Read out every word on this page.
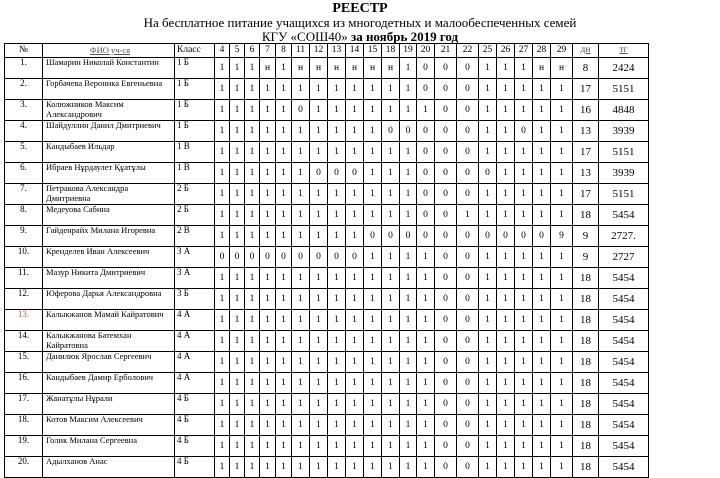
РЕЕСТР
На бесплатное питание учащихся из многодетных и малообеспеченных семей
КГУ «СОШ40» за ноябрь 2019 год
№	ФИО уч-ся	Класс	4	5	6	7	8	11	12	13	14	15	18	19	20	21	22	25	26	27	28	29	дн	тг
1.	Шамарин Николай Константин	1 Б	1	1	1	н	1	н	н	н	н	н	н	1	0	0	0	1	1	1	н	н	8	2424
2.	Горбачева Вероника Евгеньевна	1 Б	1	1	1	1	1	1	1	1	1	1	1	1	0	0	0	1	1	1	1	1	17	5151
3.	Колюжников Максим Александрович	1 Б	1	1	1	1	1	0	1	1	1	1	1	1	1	0	0	1	1	1	1	1	16	4848
4.	Шайдуллин Данил Дмитриевич	1 Б	1	1	1	1	1	1	1	1	1	1	0	0	0	0	0	1	1	0	1	1	13	3939
5.	Кандыбаев Ильдар	1 В	1	1	1	1	1	1	1	1	1	1	1	1	0	0	0	1	1	1	1	1	17	5151
6.	Ибраев Нұрдаулет Құатұлы	1 В	1	1	1	1	1	1	0	0	0	1	1	1	0	0	0	0	1	1	1	1	13	3939
7.	Петракова Александра Дмитриевна	2 Б	1	1	1	1	1	1	1	1	1	1	1	1	0	0	0	1	1	1	1	1	17	5151
8.	Медеуова Сабина	2 Б	1	1	1	1	1	1	1	1	1	1	1	1	0	0	1	1	1	1	1	1	18	5454
9.	Гайденрайх Милана Игоревна	2 В	1	1	1	1	1	1	1	1	1	0	0	0	0	0	0	0	0	0	0	9	9	2727.
10.	Кренделев Иван Алексеевич	3 А	0	0	0	0	0	0	0	0	0	1	1	1	1	0	0	1	1	1	1	1	9	2727
11.	Мазур Никита Дмитриевич	3 А	1	1	1	1	1	1	1	1	1	1	1	1	1	0	0	1	1	1	1	1	18	5454
12.	Юферова Дарья Александровна	3 Б	1	1	1	1	1	1	1	1	1	1	1	1	1	0	0	1	1	1	1	1	18	5454
13.	Калыкжанов Мамай Кайратович	4 А	1	1	1	1	1	1	1	1	1	1	1	1	1	0	0	1	1	1	1	1	18	5454
14.	Калыкжанова Батемхан Кайратовна	4 А	1	1	1	1	1	1	1	1	1	1	1	1	1	0	0	1	1	1	1	1	18	5454
15.	Данилюк Ярослав Сергеевич	4 А	1	1	1	1	1	1	1	1	1	1	1	1	1	0	0	1	1	1	1	1	18	5454
16.	Кандыбаев Дамир Ерболович	4 А	1	1	1	1	1	1	1	1	1	1	1	1	1	0	0	1	1	1	1	1	18	5454
17.	Жанатұлы Нұрали	4 Б	1	1	1	1	1	1	1	1	1	1	1	1	1	0	0	1	1	1	1	1	18	5454
18.	Котов Максим Алексеевич	4 Б	1	1	1	1	1	1	1	1	1	1	1	1	1	0	0	1	1	1	1	1	18	5454
19.	Голик Милана Сергеевна	4 Б	1	1	1	1	1	1	1	1	1	1	1	1	1	0	0	1	1	1	1	1	18	5454
20.	Адылханов Анас	4 Б	1	1	1	1	1	1	1	1	1	1	1	1	1	0	0	1	1	1	1	1	18	5454
